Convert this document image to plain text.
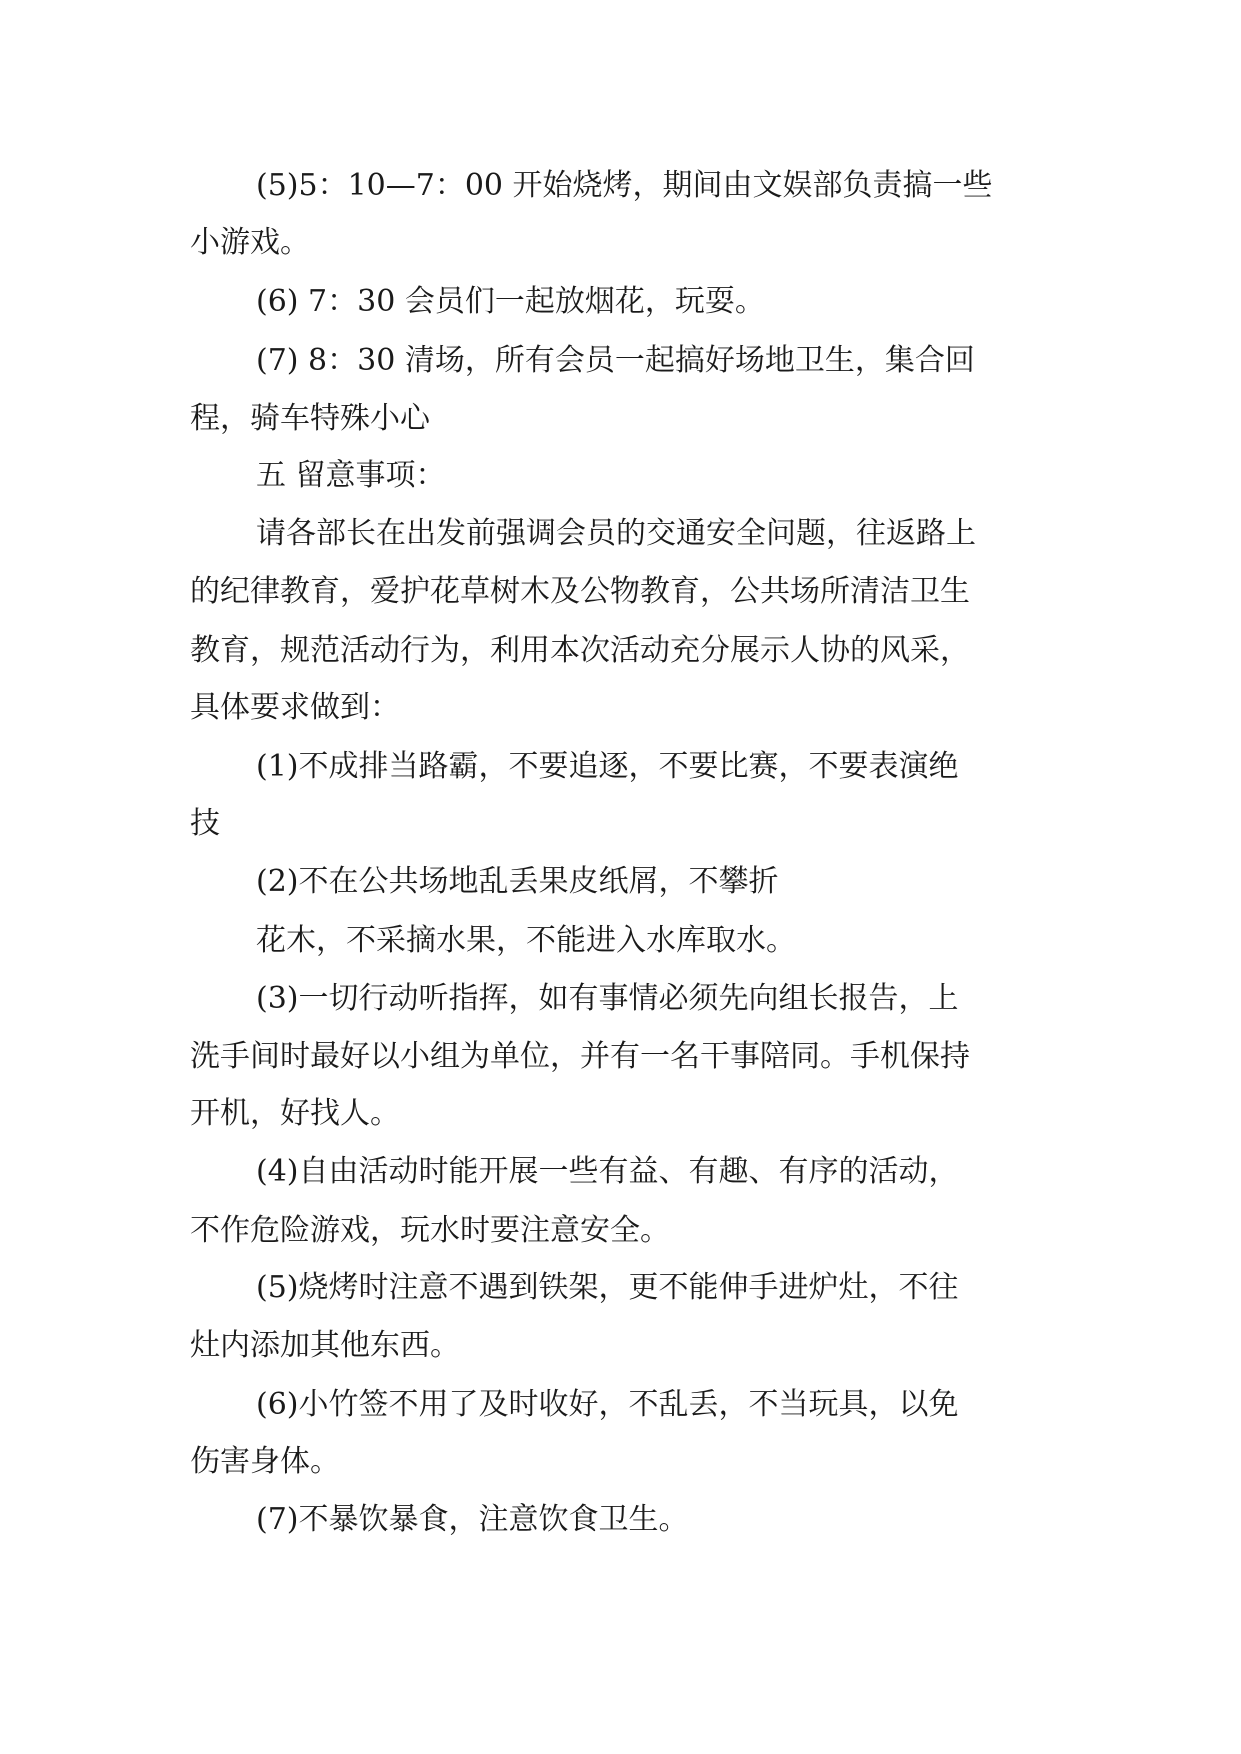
(5)5：10—7：00 开始烧烤，期间由文娱部负责搞一些
小游戏。
(6) 7：30 会员们一起放烟花，玩耍。
(7) 8：30 清场，所有会员一起搞好场地卫生，集合回
程，骑车特殊小心
五 留意事项：
请各部长在出发前强调会员的交通安全问题，往返路上
的纪律教育，爱护花草树木及公物教育，公共场所清洁卫生
教育，规范活动行为，利用本次活动充分展示人协的风采，
具体要求做到：
(1)不成排当路霸，不要追逐，不要比赛，不要表演绝
技
(2)不在公共场地乱丢果皮纸屑，不攀折
花木，不采摘水果，不能进入水库取水。
(3)一切行动听指挥，如有事情必须先向组长报告，上
洗手间时最好以小组为单位，并有一名干事陪同。手机保持
开机，好找人。
(4)自由活动时能开展一些有益、有趣、有序的活动，
不作危险游戏，玩水时要注意安全。
(5)烧烤时注意不遇到铁架，更不能伸手进炉灶，不往
灶内添加其他东西。
(6)小竹签不用了及时收好，不乱丢，不当玩具，以免
伤害身体。
(7)不暴饮暴食，注意饮食卫生。
